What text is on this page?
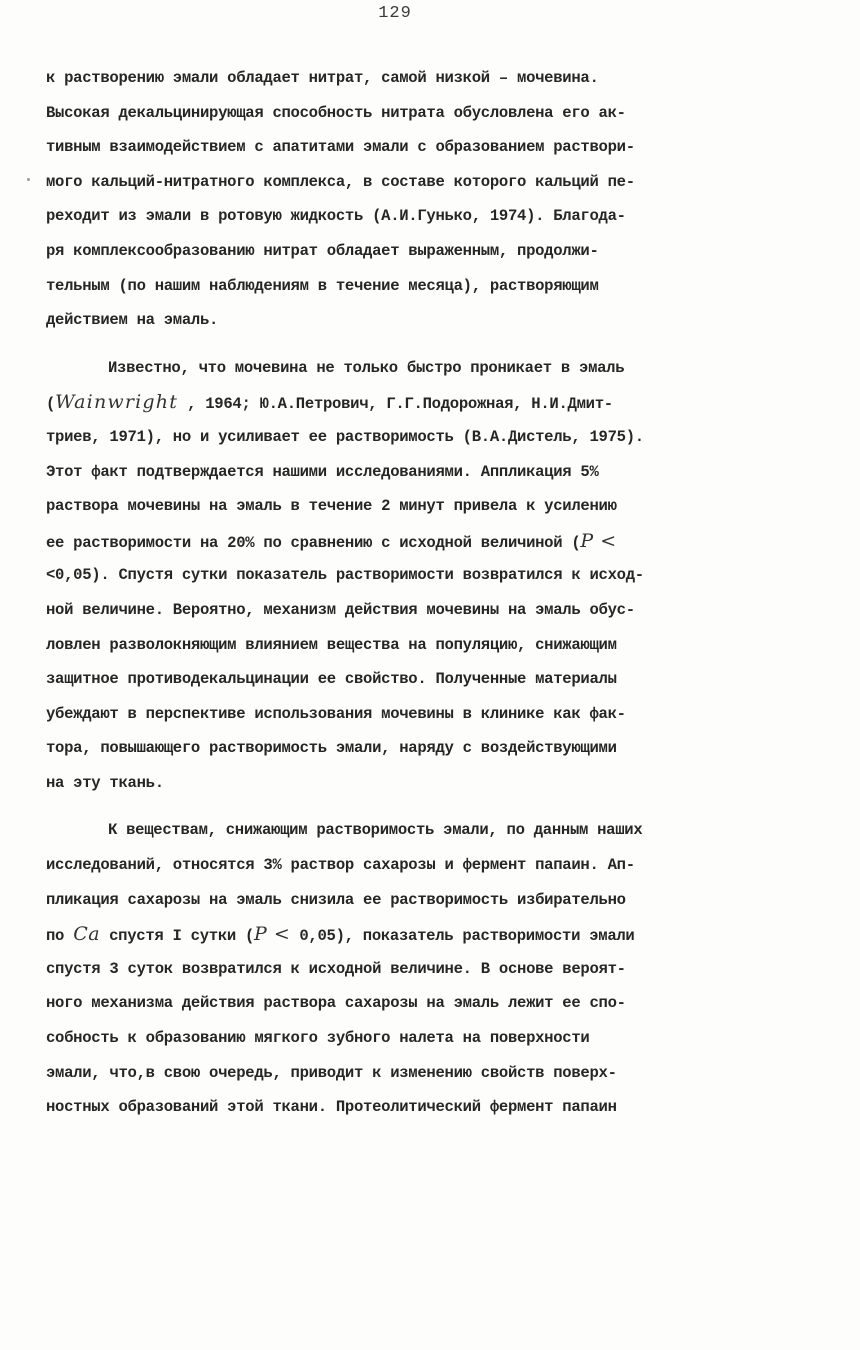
129
к растворению эмали обладает нитрат, самой низкой – мочевина.
Высокая декальцинирующая способность нитрата обусловлена его ак-
тивным взаимодействием с апатитами эмали с образованием раствори-
мого кальций-нитратного комплекса, в составе которого кальций пе-
реходит из эмали в ротовую жидкость (А.И.Гунько, 1974). Благода-
ря комплексообразованию нитрат обладает выраженным, продолжи-
тельным (по нашим наблюдениям в течение месяца), растворяющим
действием на эмаль.
Известно, что мочевина не только быстро проникает в эмаль
(Wainwright , 1964; Ю.А.Петрович, Г.Г.Подорожная, Н.И.Дмит-
триев, 1971), но и усиливает ее растворимость (В.А.Дистель, 1975).
Этот факт подтверждается нашими исследованиями. Аппликация 5%
раствора мочевины на эмаль в течение 2 минут привела к усилению
ее растворимости на 20% по сравнению с исходной величиной (P <
<0,05). Спустя сутки показатель растворимости возвратился к исход-
ной величине. Вероятно, механизм действия мочевины на эмаль обус-
ловлен разволокняющим влиянием вещества на популяцию, снижающим
защитное противодекальцинации ее свойство. Полученные материалы
убеждают в перспективе использования мочевины в клинике как фак-
тора, повышающего растворимость эмали, наряду с воздействующими
на эту ткань.
К веществам, снижающим растворимость эмали, по данным наших
исследований, относятся 3% раствор сахарозы и фермент папаин. Ап-
пликация сахарозы на эмаль снизила ее растворимость избирательно
по Ca спустя I сутки (P < 0,05), показатель растворимости эмали
спустя 3 суток возвратился к исходной величине. В основе вероят-
ного механизма действия раствора сахарозы на эмаль лежит ее спо-
собность к образованию мягкого зубного налета на поверхности
эмали, что,в свою очередь, приводит к изменению свойств поверх-
ностных образований этой ткани. Протеолитический фермент папаин
